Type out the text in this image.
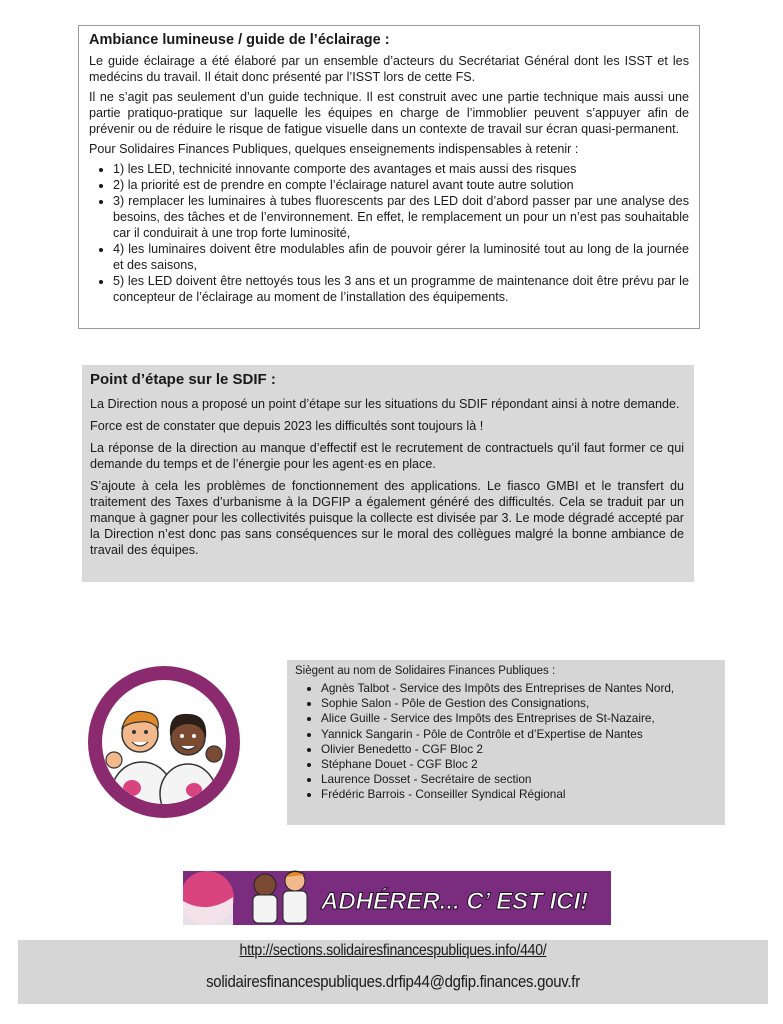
Ambiance lumineuse / guide de l’éclairage :

Le guide éclairage a été élaboré par un ensemble d’acteurs du Secrétariat Général dont les ISST et les medécins du travail. Il était donc présenté par l’ISST lors de cette FS.

Il ne s’agit pas seulement d’un guide technique. Il est construit avec une partie technique mais aussi une partie pratiquo-pratique sur laquelle les équipes en charge de l’immoblier peuvent s’appuyer afin de prévenir ou de réduire le risque de fatigue visuelle dans un contexte de travail sur écran quasi-permanent.

Pour Solidaires Finances Publiques, quelques enseignements indispensables à retenir :

• 1) les LED, technicité innovante comporte des avantages et mais aussi des risques
• 2) la priorité est de prendre en compte l’éclairage naturel avant toute autre solution
• 3) remplacer les luminaires à tubes fluorescents par des LED doit d’abord passer par une analyse des besoins, des tâches et de l’environnement. En effet, le remplacement un pour un n’est pas souhaitable car il conduirait à une trop forte luminosité,
• 4) les luminaires doivent être modulables afin de pouvoir gérer la luminosité tout au long de la journée et des saisons,
• 5) les LED doivent être nettoyés tous les 3 ans et un programme de maintenance doit être prévu par le concepteur de l’éclairage au moment de l’installation des équipements.
Point d’étape sur le SDIF :

La Direction nous a proposé un point d’étape sur les situations du SDIF répondant ainsi à notre demande.

Force est de constater que depuis 2023 les difficultés sont toujours là !

La réponse de la direction au manque d’effectif est le recrutement de contractuels qu’il faut former ce qui demande du temps et de l’énergie pour les agent·es en place.

S’ajoute à cela les problèmes de fonctionnement des applications. Le fiasco GMBI et le transfert du traitement des Taxes d’urbanisme à la DGFIP a également généré des difficultés. Cela se traduit par un manque à gagner pour les collectivités puisque la collecte est divisée par 3. Le mode dégradé accepté par la Direction n’est donc pas sans conséquences sur le moral des collègues malgré la bonne ambiance de travail des équipes.

Siègent au nom de Solidaires Finances Publiques :

• Agnès Talbot - Service des Impôts des Entreprises de Nantes Nord,
• Sophie Salon - Pôle de Gestion des Consignations,
• Alice Guille - Service des Impôts des Entreprises de St-Nazaire,
• Yannick Sangarin - Pôle de Contrôle et d’Expertise de Nantes
• Olivier Benedetto - CGF Bloc 2
• Stéphane Douet - CGF Bloc 2
• Laurence Dosset - Secrétaire de section
• Frédéric Barrois - Conseiller Syndical Régional
ADHÉRER... C’ EST ICI!
http://sections.solidairesfinancespubliques.info/440/
solidairesfinancespubliques.drfip44@dgfip.finances.gouv.fr
